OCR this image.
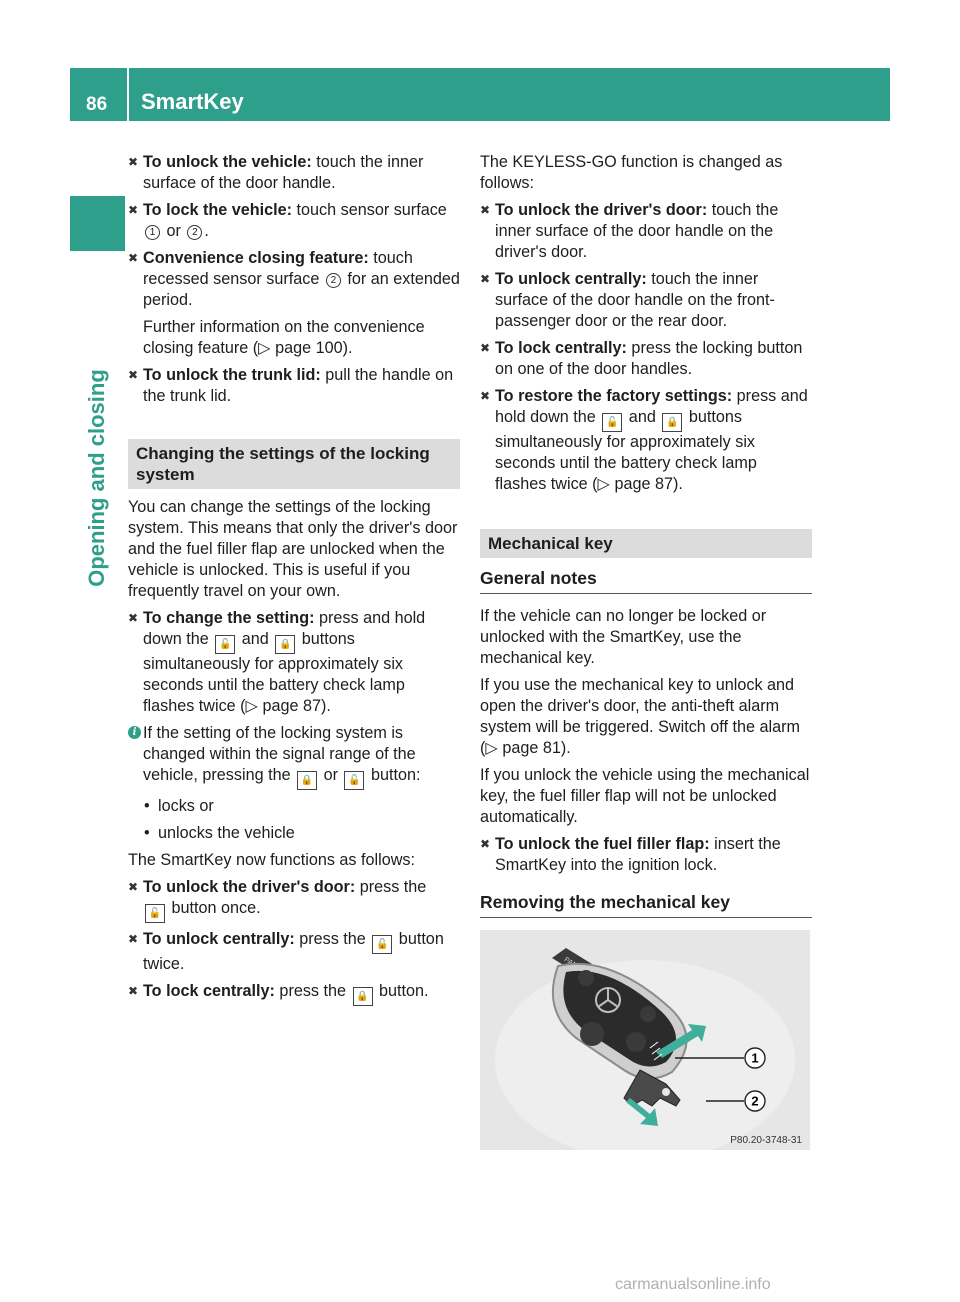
86 SmartKey
Opening and closing
✖ To unlock the vehicle: touch the inner surface of the door handle.
✖ To lock the vehicle: touch sensor surface 1 or 2 .
✖ Convenience closing feature: touch recessed sensor surface 2 for an extended period.
Further information on the convenience closing feature (▷ page 100).
✖ To unlock the trunk lid: pull the handle on the trunk lid.
Changing the settings of the locking system
You can change the settings of the locking system. This means that only the driver's door and the fuel filler flap are unlocked when the vehicle is unlocked. This is useful if you frequently travel on your own.
✖ To change the setting: press and hold down the 🔓 and 🔒 buttons simultaneously for approximately six seconds until the battery check lamp flashes twice (▷ page 87).
i If the setting of the locking system is changed within the signal range of the vehicle, pressing the 🔒 or 🔓 button:
• locks or
• unlocks the vehicle
The SmartKey now functions as follows:
✖ To unlock the driver's door: press the
🔓 button once.
✖ To unlock centrally: press the 🔓 button twice.
✖ To lock centrally: press the 🔒 button.
The KEYLESS-GO function is changed as follows:
✖ To unlock the driver's door: touch the inner surface of the door handle on the driver's door.
✖ To unlock centrally: touch the inner surface of the door handle on the front-passenger door or the rear door.
✖ To lock centrally: press the locking button on one of the door handles.
✖ To restore the factory settings: press and hold down the 🔓 and 🔒 buttons simultaneously for approximately six seconds until the battery check lamp flashes twice (▷ page 87).
Mechanical key
General notes
If the vehicle can no longer be locked or unlocked with the SmartKey, use the mechanical key.
If you use the mechanical key to unlock and open the driver's door, the anti-theft alarm system will be triggered. Switch off the alarm (▷ page 81).
If you unlock the vehicle using the mechanical key, the fuel filler flap will not be unlocked automatically.
✖ To unlock the fuel filler flap: insert the SmartKey into the ignition lock.
Removing the mechanical key
1
2
P80.20-3748-31
carmanualsonline.info
